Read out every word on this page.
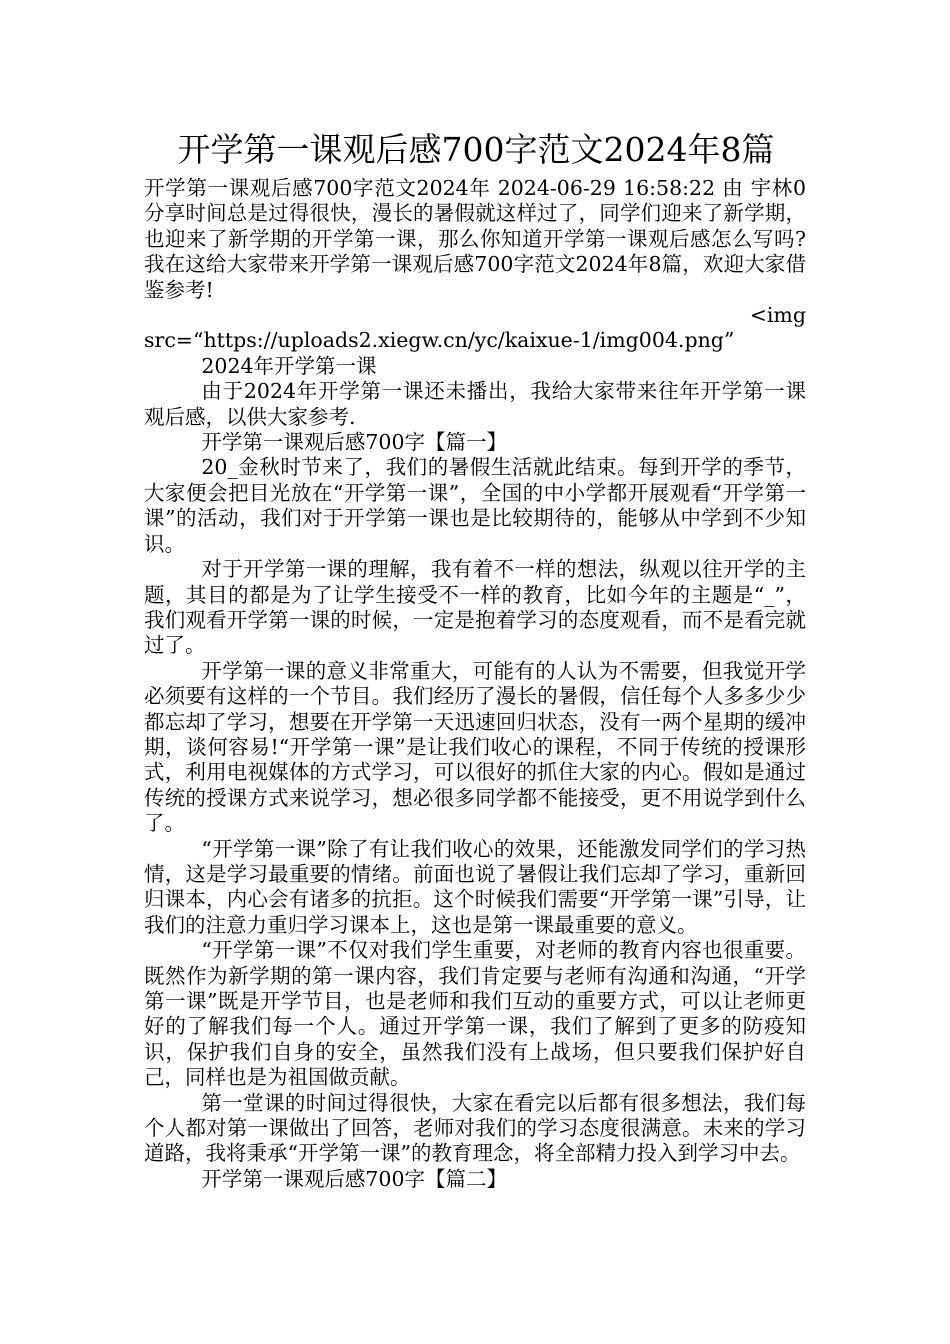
开学第一课观后感700字范文2024年8篇

开学第一课观后感700字范文2024年 2024-06-29 16:58:22 由 宇林0分享时间总是过得很快，漫长的暑假就这样过了，同学们迎来了新学期，也迎来了新学期的开学第一课，那么你知道开学第一课观后感怎么写吗?我在这给大家带来开学第一课观后感700字范文2024年8篇，欢迎大家借鉴参考!

<img

src=“https://uploads2.xiegw.cn/yc/kaixue-1/img004.png”

2024年开学第一课

由于2024年开学第一课还未播出，我给大家带来往年开学第一课观后感，以供大家参考.

开学第一课观后感700字【篇一】

20_金秋时节来了，我们的暑假生活就此结束。每到开学的季节，大家便会把目光放在“开学第一课”，全国的中小学都开展观看“开学第一课”的活动，我们对于开学第一课也是比较期待的，能够从中学到不少知识。

对于开学第一课的理解，我有着不一样的想法，纵观以往开学的主题，其目的都是为了让学生接受不一样的教育，比如今年的主题是“_”，我们观看开学第一课的时候，一定是抱着学习的态度观看，而不是看完就过了。

开学第一课的意义非常重大，可能有的人认为不需要，但我觉开学必须要有这样的一个节目。我们经历了漫长的暑假，信任每个人多多少少都忘却了学习，想要在开学第一天迅速回归状态，没有一两个星期的缓冲期，谈何容易!“开学第一课”是让我们收心的课程，不同于传统的授课形式，利用电视媒体的方式学习，可以很好的抓住大家的内心。假如是通过传统的授课方式来说学习，想必很多同学都不能接受，更不用说学到什么了。

“开学第一课”除了有让我们收心的效果，还能激发同学们的学习热情，这是学习最重要的情绪。前面也说了暑假让我们忘却了学习，重新回归课本，内心会有诸多的抗拒。这个时候我们需要“开学第一课”引导，让我们的注意力重归学习课本上，这也是第一课最重要的意义。

“开学第一课”不仅对我们学生重要，对老师的教育内容也很重要。既然作为新学期的第一课内容，我们肯定要与老师有沟通和沟通，“开学第一课”既是开学节目，也是老师和我们互动的重要方式，可以让老师更好的了解我们每一个人。通过开学第一课，我们了解到了更多的防疫知识，保护我们自身的安全，虽然我们没有上战场，但只要我们保护好自己，同样也是为祖国做贡献。

第一堂课的时间过得很快，大家在看完以后都有很多想法，我们每个人都对第一课做出了回答，老师对我们的学习态度很满意。未来的学习道路，我将秉承“开学第一课”的教育理念，将全部精力投入到学习中去。

开学第一课观后感700字【篇二】
